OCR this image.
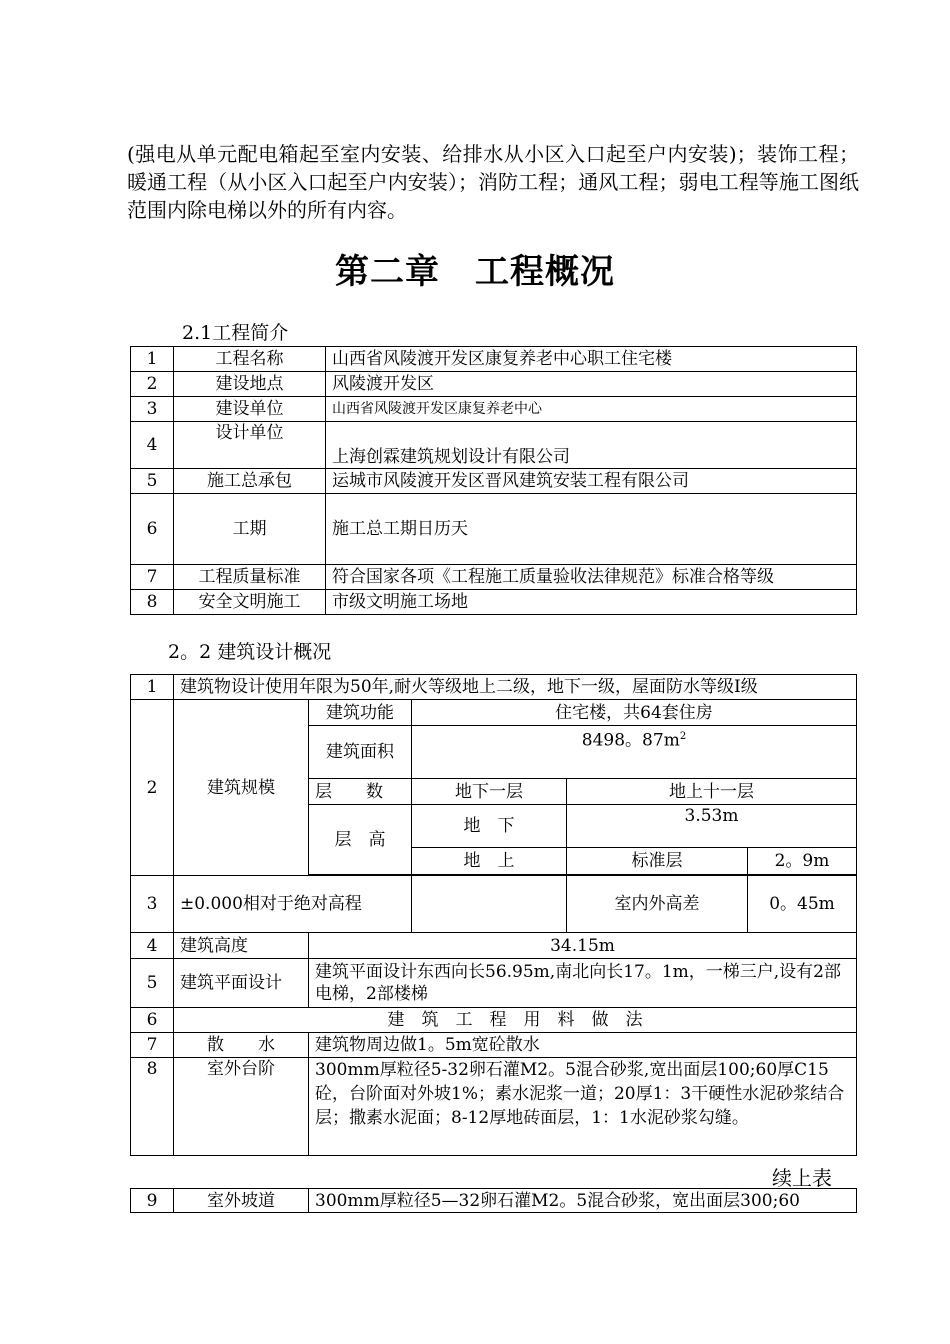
(强电从单元配电箱起至室内安装、给排水从小区入口起至户内安装)；装饰工程；暖通工程（从小区入口起至户内安装）；消防工程；通风工程；弱电工程等施工图纸范围内除电梯以外的所有内容。
第二章　工程概况
2.1工程简介
1	工程名称	山西省风陵渡开发区康复养老中心职工住宅楼
2	建设地点	风陵渡开发区
3	建设单位	山西省风陵渡开发区康复养老中心
4	设计单位	上海创霖建筑规划设计有限公司
5	施工总承包	运城市风陵渡开发区晋风建筑安装工程有限公司
6	工期	施工总工期日历天
7	工程质量标准	符合国家各项《工程施工质量验收法律规范》标准合格等级
8	安全文明施工	市级文明施工场地
2。2 建筑设计概况
1	建筑物设计使用年限为50年,耐火等级地上二级，地下一级，屋面防水等级Ⅰ级				
2	建筑规模	建筑功能	住宅楼，共64套住房		
		建筑面积	8498。$87m^2$
		层　　数	地下一层	地上十一层	
		层　高	地　下	3.53m	
			地　上	标准层	2。9m

3	±0.000相对于绝对高程			室内外高差	0。45m
4	建筑高度	34.15m			
5	建筑平面设计	建筑平面设计东西向长56.95m,南北向长17。1m，一梯三户,设有2部电梯，2部楼梯			
6	建　筑　工　程　用　料　做　法				
7	散　　水	建筑物周边做1。5m宽砼散水			
8	室外台阶	300mm厚粒径5-32卵石灌M2。5混合砂浆,宽出面层100;60厚C15砼，台阶面对外坡1%；素水泥浆一道；20厚1：3干硬性水泥砂浆结合层；撒素水泥面；8-12厚地砖面层，1：1水泥砂浆勾缝。			
续上表
9	室外坡道	300mm厚粒径5—32卵石灌M2。5混合砂浆，宽出面层300;60
